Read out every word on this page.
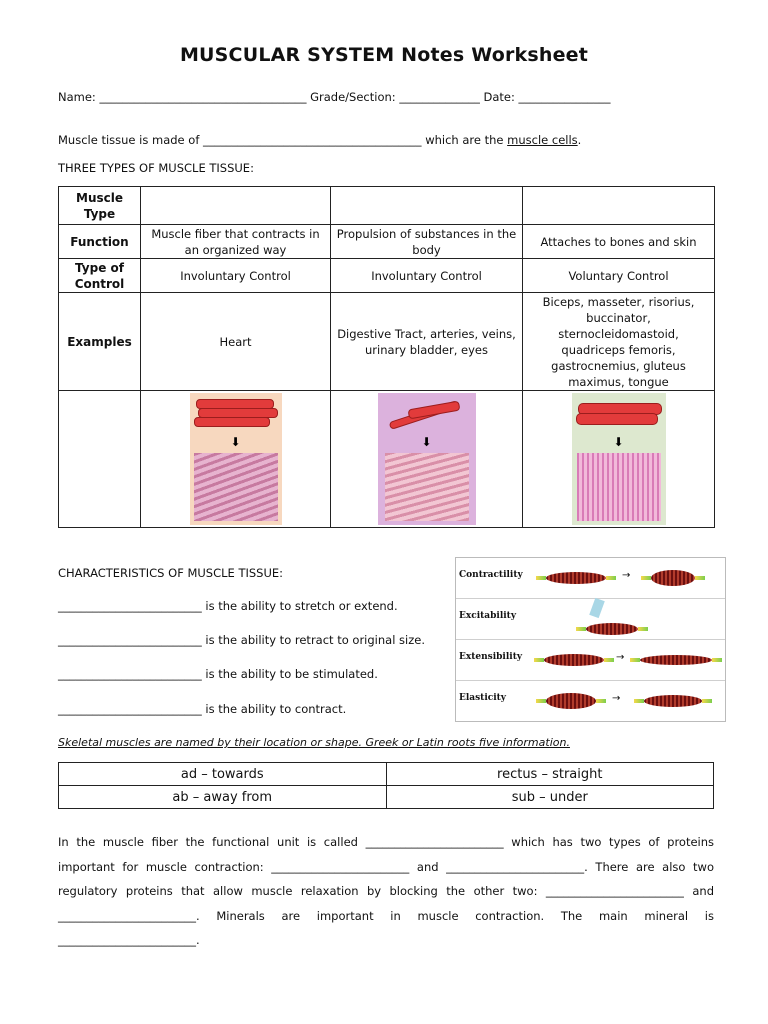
MUSCULAR SYSTEM Notes Worksheet
Name: ____________________________________ Grade/Section: ______________ Date: ________________
Muscle tissue is made of ______________________________________ which are the muscle cells.
THREE TYPES OF MUSCLE TISSUE:
Muscle Type			
Function	Muscle fiber that contracts in an organized way	Propulsion of substances in the body	Attaches to bones and skin
Type of Control	Involuntary Control	Involuntary Control	Voluntary Control
Examples	Heart	Digestive Tract, arteries, veins, urinary bladder, eyes	Biceps, masseter, risorius, buccinator, sternocleidomastoid, quadriceps femoris, gastrocnemius, gluteus maximus, tongue

	⬇	⬇	⬇
CHARACTERISTICS OF MUSCLE TISSUE:
_________________________ is the ability to stretch or extend.
_________________________ is the ability to retract to original size.
_________________________ is the ability to be stimulated.
_________________________ is the ability to contract.
Contractility	→
Excitability
Extensibility	→
Elasticity	→
Skeletal muscles are named by their location or shape. Greek or Latin roots five information.
ad – towards	rectus – straight
ab – away from	sub – under
In the muscle fiber the functional unit is called ________________________ which has two types of proteins important for muscle contraction: ________________________ and ________________________. There are also two regulatory proteins that allow muscle relaxation by blocking the other two: ________________________ and ________________________. Minerals are important in muscle contraction. The main mineral is ________________________.
